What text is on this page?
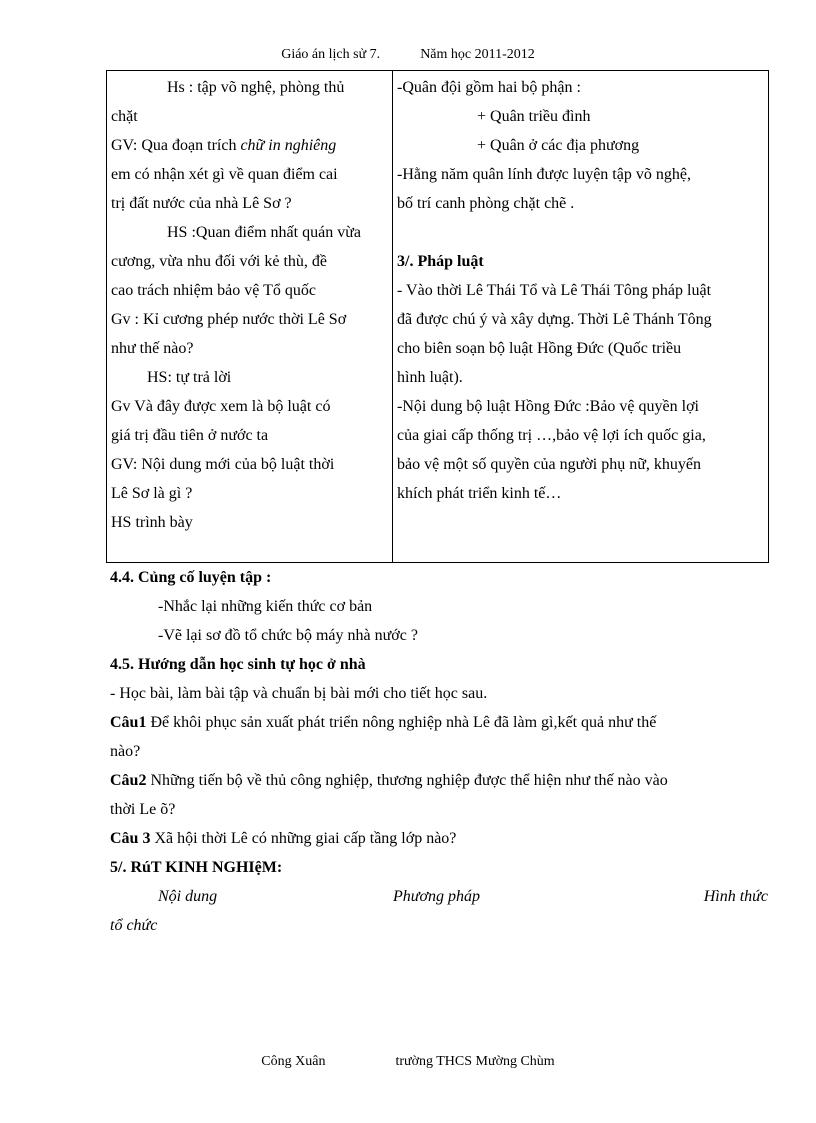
Giáo án lịch sử 7.	Năm học 2011-2012
Hs : tập võ nghệ, phòng thủ
chặt
GV: Qua đoạn trích chữ in nghiêng
em có nhận xét gì về quan điểm cai
trị đất nước của nhà Lê Sơ ?
HS :Quan điểm nhất quán vừa
cương, vừa nhu đối với kẻ thù, đề
cao trách nhiệm bảo vệ Tổ quốc
Gv : Kỉ cương phép nước thời Lê Sơ
như thế nào?
HS: tự trả lời
Gv Và đây được xem là bộ luật có
giá trị đầu tiên ở nước ta
GV: Nội dung mới của bộ luật thời
Lê Sơ là gì ?
HS trình bày

-Quân đội gồm hai bộ phận :
+ Quân triều đình
+ Quân ở các địa phương
-Hằng năm quân lính được luyện tập võ nghệ,
bố trí canh phòng chặt chẽ .

3/. Pháp luật
- Vào thời Lê Thái Tổ và Lê Thái Tông pháp luật
đã được chú ý và xây dựng. Thời Lê Thánh Tông
cho biên soạn bộ luật Hồng Đức (Quốc triều
hình luật).
-Nội dung bộ luật Hồng Đức :Bảo vệ quyền lợi
của giai cấp thống trị …,bảo vệ lợi ích quốc gia,
bảo vệ một số quyền của người phụ nữ, khuyến
khích phát triển kinh tế…
4.4. Củng cố luyện tập :
-Nhắc lại những kiến thức cơ bản
-Vẽ lại sơ đồ tổ chức bộ máy nhà nước ?
4.5. Hướng dẫn học sinh tự học ở nhà
- Học bài, làm bài tập và chuẩn bị bài mới cho tiết học sau.
Câu1 Để khôi phục sản xuất phát triển nông nghiệp nhà Lê đã làm gì,kết quả như thế
nào?
Câu2 Những tiến bộ về thủ công nghiệp, thương nghiệp được thể hiện như thế nào vào
thời Le õ?
Câu 3 Xã hội thời Lê có những giai cấp tầng lớp nào?
5/. RúT KINH NGHIệM:
Nội dung	Phương pháp	Hình thức
tổ chức
Công Xuân	trường THCS Mường Chùm
